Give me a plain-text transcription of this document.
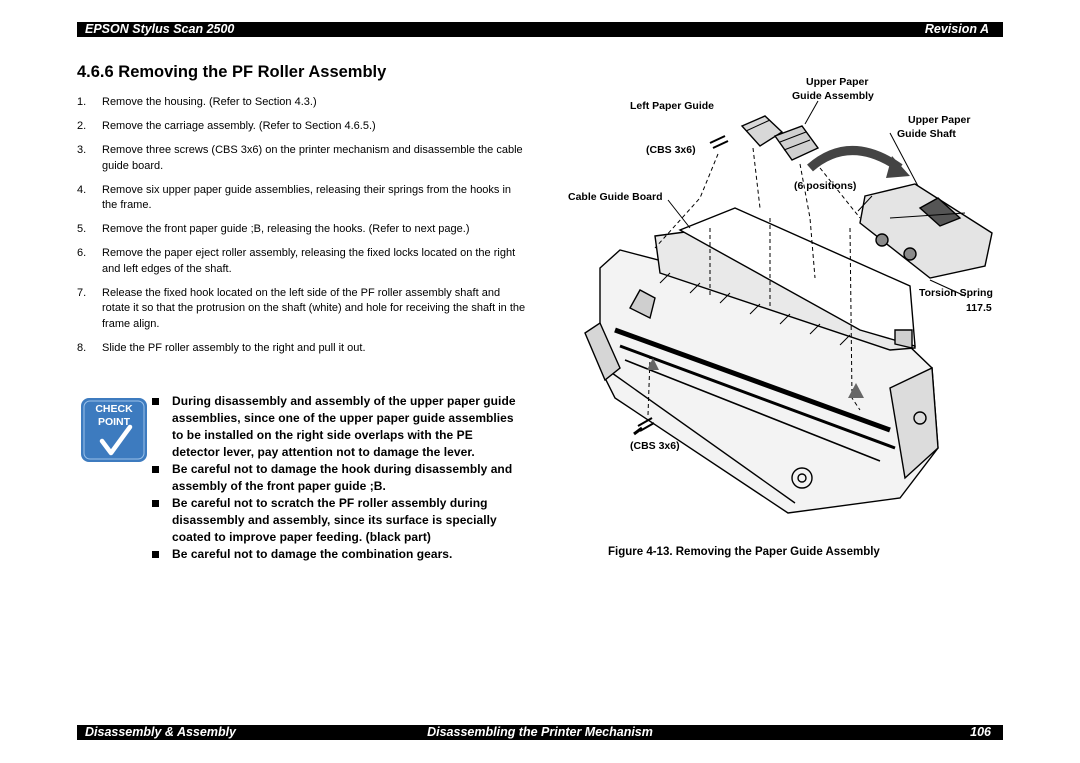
EPSON Stylus Scan 2500	Revision A
4.6.6 Removing the PF Roller Assembly
1. Remove the housing. (Refer to Section 4.3.)
2. Remove the carriage assembly. (Refer to Section 4.6.5.)
3. Remove three screws (CBS 3x6) on the printer mechanism and disassemble the cable guide board.
4. Remove six upper paper guide assemblies, releasing their springs from the hooks in the frame.
5. Remove the front paper guide ;B, releasing the hooks. (Refer to next page.)
6. Remove the paper eject roller assembly, releasing the fixed locks located on the right and left edges of the shaft.
7. Release the fixed hook located on the left side of the PF roller assembly shaft and rotate it so that the protrusion on the shaft (white) and hole for receiving the shaft in the frame align.
8. Slide the PF roller assembly to the right and pull it out.
CHECK
POINT
During disassembly and assembly of the upper paper guide assemblies, since one of the upper paper guide assemblies to be installed on the right side overlaps with the PE detector lever, pay attention not to damage the lever.
Be careful not to damage the hook during disassembly and assembly of the front paper guide ;B.
Be careful not to scratch the PF roller assembly during disassembly and assembly, since its surface is specially coated to improve paper feeding. (black part)
Be careful not to damage the combination gears.
Upper Paper
Guide Assembly
Left Paper Guide
Upper Paper
Guide Shaft
(CBS 3x6)
(6 positions)
Cable Guide Board
Torsion Spring
117.5
(CBS 3x6)
Figure 4-13. Removing the Paper Guide Assembly
Disassembly & Assembly	Disassembling the Printer Mechanism	106
